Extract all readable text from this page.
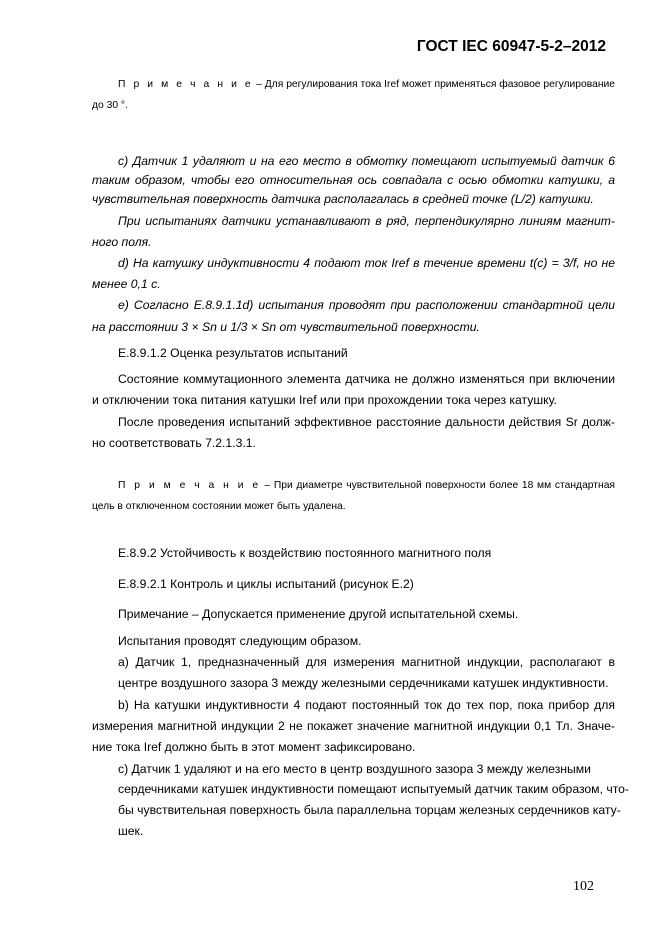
ГОСТ IEC 60947-5-2–2012
П р и м е ч а н и е – Для регулирования тока Iref может применяться фазовое регулирование
до 30 °.
с) Датчик 1 удаляют и на его место в обмотку помещают испытуемый датчик 6
таким образом, чтобы его относительная ось совпадала с осью обмотки катушки, а
чувствительная поверхность датчика располагалась в средней точке (L/2) катушки.
При испытаниях датчики устанавливают в ряд, перпендикулярно линиям магнит-
ного поля.
d) На катушку индуктивности 4 подают ток Iref в течение времени t(с) = 3/f, но не
менее 0,1 с.
е) Согласно Е.8.9.1.1d) испытания проводят при расположении стандартной цели
на расстоянии 3 × Sn и 1/3 × Sn от чувствительной поверхности.
Е.8.9.1.2 Оценка результатов испытаний
Состояние коммутационного элемента датчика не должно изменяться при включении
и отключении тока питания катушки Iref или при прохождении тока через катушку.
После проведения испытаний эффективное расстояние дальности действия Sr долж-
но соответствовать 7.2.1.3.1.
П р и м е ч а н и е – При диаметре чувствительной поверхности более 18 мм стандартная
цель в отключенном состоянии может быть удалена.
Е.8.9.2 Устойчивость к воздействию постоянного магнитного поля
Е.8.9.2.1 Контроль и циклы испытаний (рисунок Е.2)
Примечание – Допускается применение другой испытательной схемы.
Испытания проводят следующим образом.
а) Датчик 1, предназначенный для измерения магнитной индукции, располагают в
центре воздушного зазора 3 между железными сердечниками катушек индуктивности.
b) На катушки индуктивности 4 подают постоянный ток до тех пор, пока прибор для
измерения магнитной индукции 2 не покажет значение магнитной индукции 0,1 Тл. Значе-
ние тока Iref должно быть в этот момент зафиксировано.
с) Датчик 1 удаляют и на его место в центр воздушного зазора 3 между железными
сердечниками катушек индуктивности помещают испытуемый датчик таким образом, что-
бы чувствительная поверхность была параллельна торцам железных сердечников кату-
шек.
102
